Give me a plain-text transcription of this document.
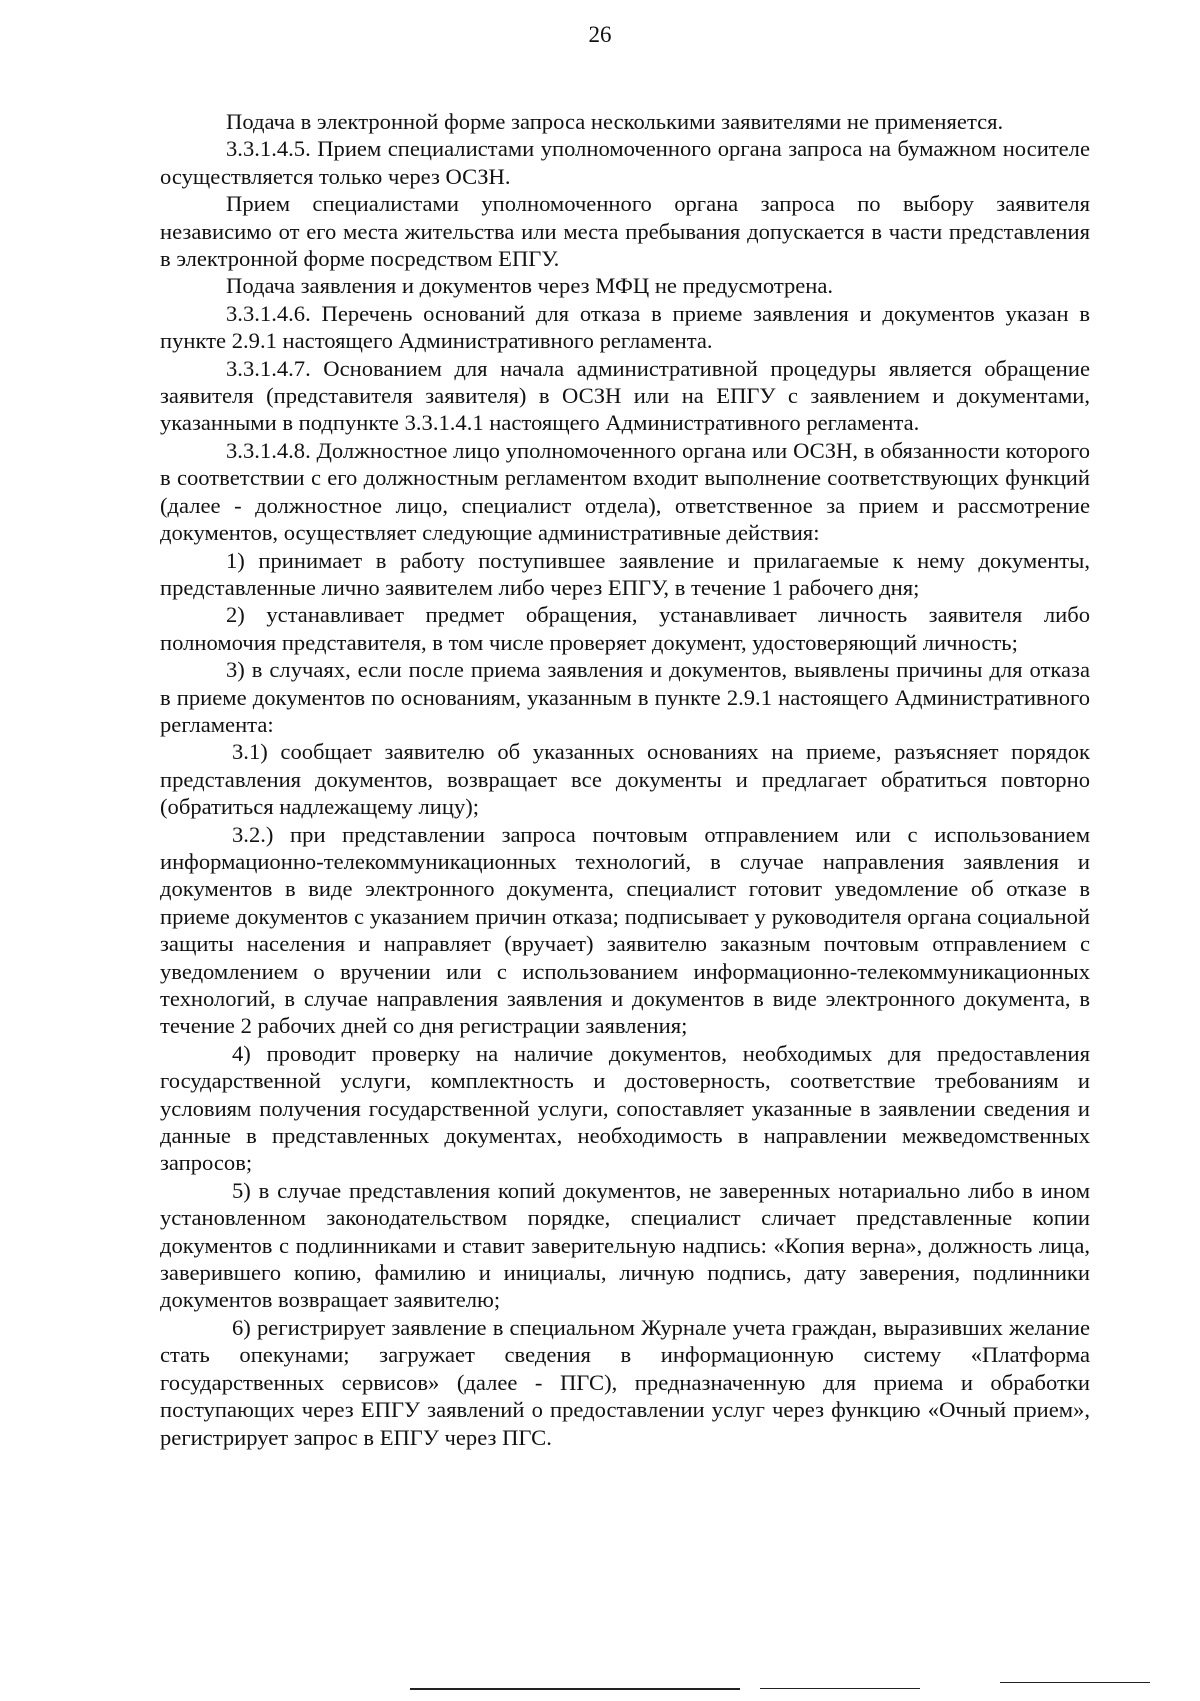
26

Подача в электронной форме запроса несколькими заявителями не применяется.

3.3.1.4.5. Прием специалистами уполномоченного органа запроса на бумажном носителе осуществляется только через ОСЗН.

Прием специалистами уполномоченного органа запроса по выбору заявителя независимо от его места жительства или места пребывания допускается в части представления в электронной форме посредством ЕПГУ.

Подача заявления и документов через МФЦ не предусмотрена.

3.3.1.4.6. Перечень оснований для отказа в приеме заявления и документов указан в пункте 2.9.1 настоящего Административного регламента.

3.3.1.4.7. Основанием для начала административной процедуры является обращение заявителя (представителя заявителя) в ОСЗН или на ЕПГУ с заявлением и документами, указанными в подпункте 3.3.1.4.1 настоящего Административного регламента.

3.3.1.4.8. Должностное лицо уполномоченного органа или ОСЗН, в обязанности которого в соответствии с его должностным регламентом входит выполнение соответствующих функций (далее - должностное лицо, специалист отдела), ответственное за прием и рассмотрение документов, осуществляет следующие административные действия:

1) принимает в работу поступившее заявление и прилагаемые к нему документы, представленные лично заявителем либо через ЕПГУ, в течение 1 рабочего дня;

2) устанавливает предмет обращения, устанавливает личность заявителя либо полномочия представителя, в том числе проверяет документ, удостоверяющий личность;

3) в случаях, если после приема заявления и документов, выявлены причины для отказа в приеме документов по основаниям, указанным в пункте 2.9.1 настоящего Административного регламента:

3.1) сообщает заявителю об указанных основаниях на приеме, разъясняет порядок представления документов, возвращает все документы и предлагает обратиться повторно (обратиться надлежащему лицу);

3.2.) при представлении запроса почтовым отправлением или с использованием информационно-телекоммуникационных технологий, в случае направления заявления и документов в виде электронного документа, специалист готовит уведомление об отказе в приеме документов с указанием причин отказа; подписывает у руководителя органа социальной защиты населения и направляет (вручает) заявителю заказным почтовым отправлением с уведомлением о вручении или с использованием информационно-телекоммуникационных технологий, в случае направления заявления и документов в виде электронного документа, в течение 2 рабочих дней со дня регистрации заявления;

4) проводит проверку на наличие документов, необходимых для предоставления государственной услуги, комплектность и достоверность, соответствие требованиям и условиям получения государственной услуги, сопоставляет указанные в заявлении сведения и данные в представленных документах, необходимость в направлении межведомственных запросов;

5) в случае представления копий документов, не заверенных нотариально либо в ином установленном законодательством порядке, специалист сличает представленные копии документов с подлинниками и ставит заверительную надпись: «Копия верна», должность лица, заверившего копию, фамилию и инициалы, личную подпись, дату заверения, подлинники документов возвращает заявителю;

6) регистрирует заявление в специальном Журнале учета граждан, выразивших желание стать опекунами; загружает сведения в информационную систему «Платформа государственных сервисов» (далее - ПГС), предназначенную для приема и обработки поступающих через ЕПГУ заявлений о предоставлении услуг через функцию «Очный прием», регистрирует запрос в ЕПГУ через ПГС.
